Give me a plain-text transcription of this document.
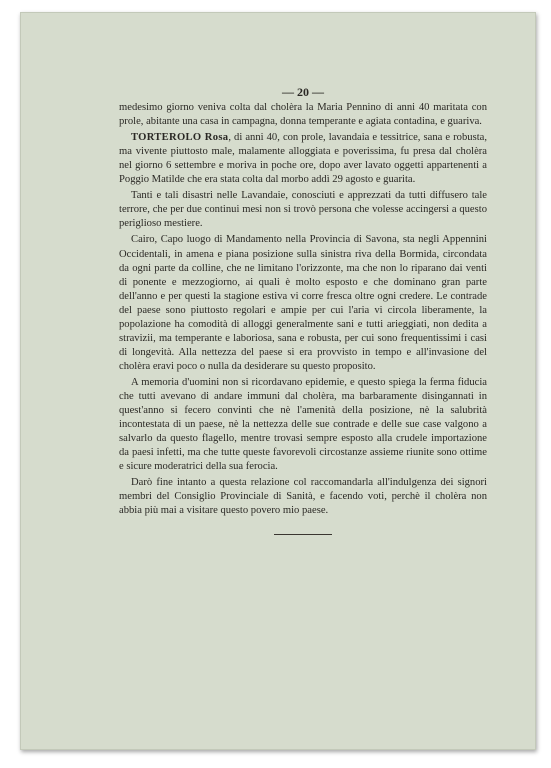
— 20 —

medesimo giorno veniva colta dal cholèra la Maria Pennino di anni 40 maritata con prole, abitante una casa in campagna, donna temperante e agiata contadina, e guariva.

TORTEROLO Rosa, di anni 40, con prole, lavandaia e tessitrice, sana e robusta, ma vivente piuttosto male, malamente alloggiata e poverissima, fu presa dal cholèra nel giorno 6 settembre e moriva in poche ore, dopo aver lavato oggetti appartenenti a Poggio Matilde che era stata colta dal morbo addì 29 agosto e guarita.

Tanti e tali disastri nelle Lavandaie, conosciuti e apprezzati da tutti diffusero tale terrore, che per due continui mesi non si trovò persona che volesse accingersi a questo periglioso mestiere.

Cairo, Capo luogo di Mandamento nella Provincia di Savona, sta negli Appennini Occidentali, in amena e piana posizione sulla sinistra riva della Bormida, circondata da ogni parte da colline, che ne limitano l'orizzonte, ma che non lo riparano dai venti di ponente e mezzogiorno, ai quali è molto esposto e che dominano gran parte dell'anno e per questi la stagione estiva vi corre fresca oltre ogni credere. Le contrade del paese sono piuttosto regolari e ampie per cui l'aria vi circola liberamente, la popolazione ha comodità di alloggi generalmente sani e tutti arieggiati, non dedita a stravizii, ma temperante e laboriosa, sana e robusta, per cui sono frequentissimi i casi di longevità. Alla nettezza del paese si era provvisto in tempo e all'invasione del cholèra eravi poco o nulla da desiderare su questo proposito.

A memoria d'uomini non si ricordavano epidemie, e questo spiega la ferma fiducia che tutti avevano di andare immuni dal cholèra, ma barbaramente disingannati in quest'anno si fecero convinti che nè l'amenità della posizione, nè la salubrità incontestata di un paese, nè la nettezza delle sue contrade e delle sue case valgono a salvarlo da questo flagello, mentre trovasi sempre esposto alla crudele importazione da paesi infetti, ma che tutte queste favorevoli circostanze assieme riunite sono ottime e sicure moderatrici della sua ferocia.

Darò fine intanto a questa relazione col raccomandarla all'indulgenza dei signori membri del Consiglio Provinciale di Sanità, e facendo voti, perchè il cholèra non abbia più mai a visitare questo povero mio paese.
